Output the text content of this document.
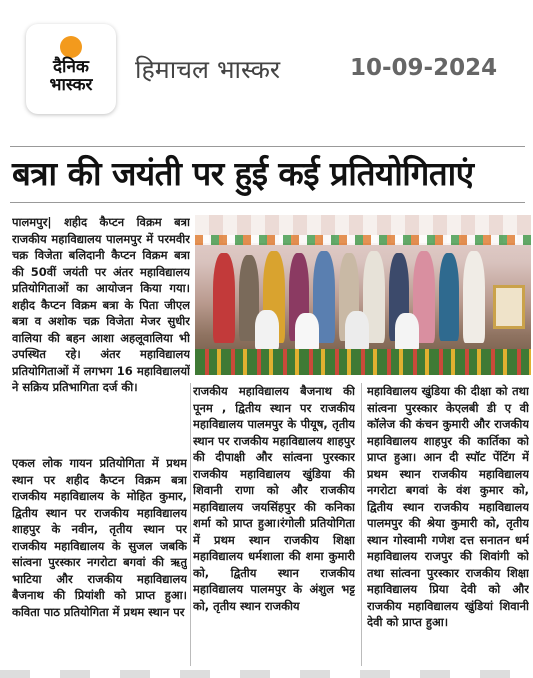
दैनिक
भास्कर
हिमाचल भास्कर	10-09-2024
बत्रा की जयंती पर हुई कई प्रतियोगिताएं

पालमपुर| शहीद कैप्टन विक्रम बत्रा राजकीय महाविद्यालय पालमपुर में परमवीर चक्र विजेता बलिदानी कैप्टन विक्रम बत्रा की 50वीं जयंती पर अंतर महाविद्यालय प्रतियोगिताओं का आयोजन किया गया। शहीद कैप्टन विक्रम बत्रा के पिता जीएल बत्रा व अशोक चक्र विजेता मेजर सुधीर वालिया की बहन आशा अहलूवालिया भी उपस्थित रहे। अंतर महाविद्यालय प्रतियोगिताओं में लगभग 16 महाविद्यालयों ने सक्रिय प्रतिभागिता दर्ज की।

एकल लोक गायन प्रतियोगिता में प्रथम स्थान पर शहीद कैप्टन विक्रम बत्रा राजकीय महाविद्यालय के मोहित कुमार, द्वितीय स्थान पर राजकीय महाविद्यालय शाहपुर के नवीन, तृतीय स्थान पर राजकीय महाविद्यालय के सुजल जबकि सांत्वना पुरस्कार नगरोटा बगवां की ऋतु भाटिया और राजकीय महाविद्यालय बैजनाथ की प्रियांशी को प्राप्त हुआ। कविता पाठ प्रतियोगिता में प्रथम स्थान पर

राजकीय महाविद्यालय बैजनाथ की पूनम , द्वितीय स्थान पर राजकीय महाविद्यालय पालमपुर के पीयूष, तृतीय स्थान पर राजकीय महाविद्यालय शाहपुर की दीपाक्षी और सांत्वना पुरस्कार राजकीय महाविद्यालय खुंडिया की शिवानी राणा को और राजकीय महाविद्यालय जयसिंहपुर की कनिका शर्मा को प्राप्त हुआ।रंगोली प्रतियोगिता में प्रथम स्थान राजकीय शिक्षा महाविद्यालय धर्मशाला की शमा कुमारी को, द्वितीय स्थान राजकीय महाविद्यालय पालमपुर के अंशुल भट्ट को, तृतीय स्थान राजकीय

महाविद्यालय खुंडिया की दीक्षा को तथा सांत्वना पुरस्कार केएलबी डी ए वी कॉलेज की कंचन कुमारी और राजकीय महाविद्यालय शाहपुर की कार्तिका को प्राप्त हुआ। आन दी स्पॉट पेंटिंग में प्रथम स्थान राजकीय महाविद्यालय नगरोटा बगवां के वंश कुमार को, द्वितीय स्थान राजकीय महाविद्यालय पालमपुर की श्रेया कुमारी को, तृतीय स्थान गोस्वामी गणेश दत्त सनातन धर्म महाविद्यालय राजपुर की शिवांगी को तथा सांत्वना पुरस्कार राजकीय शिक्षा महाविद्यालय प्रिया देवी को और राजकीय महाविद्यालय खुंडियां शिवानी देवी को प्राप्त हुआ।
